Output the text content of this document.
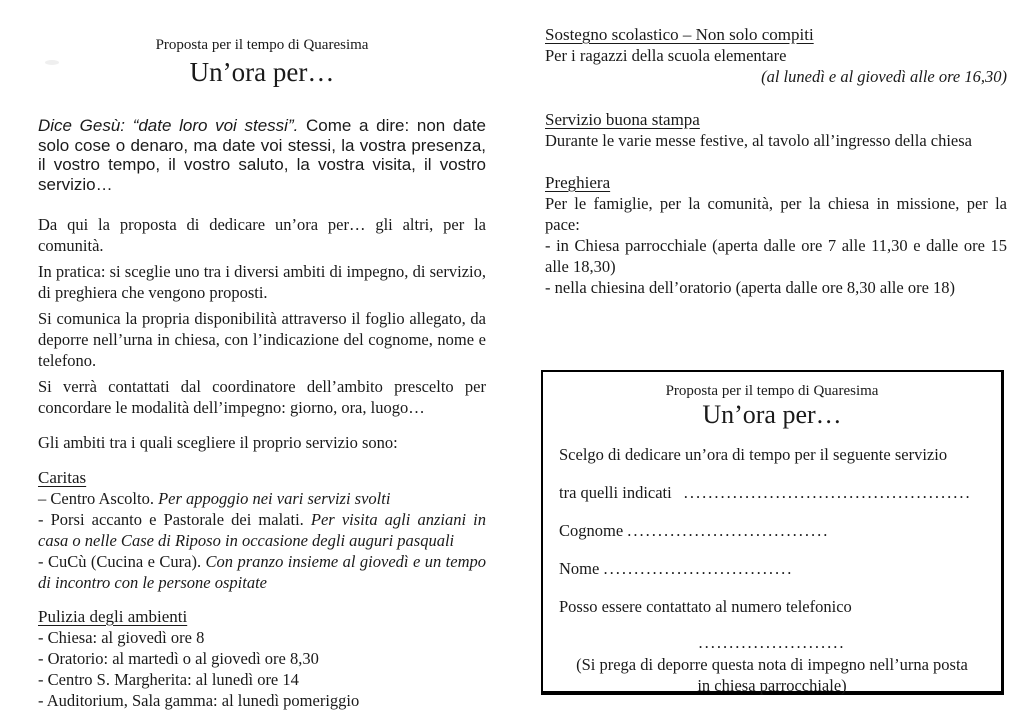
Proposta per il tempo di Quaresima
Un’ora per…

Dice Gesù: “date loro voi stessi”. Come a dire: non date solo cose o denaro, ma date voi stessi, la vostra presenza, il vostro tempo, il vostro saluto, la vostra visita, il vostro servizio…

Da qui la proposta di dedicare un’ora per… gli altri, per la comunità.

In pratica: si sceglie uno tra i diversi ambiti di impegno, di servizio, di preghiera che vengono proposti.

Si comunica la propria disponibilità attraverso il foglio allegato, da deporre nell’urna in chiesa, con l’indicazione del cognome, nome e telefono.

Si verrà contattati dal coordinatore dell’ambito prescelto per concordare le modalità dell’impegno: giorno, ora, luogo…

Gli ambiti tra i quali scegliere il proprio servizio sono:
Caritas

– Centro Ascolto. Per appoggio nei vari servizi svolti

- Porsi accanto e Pastorale dei malati. Per visita agli anziani in casa o nelle Case di Riposo in occasione degli auguri pasquali

- CuCù (Cucina e Cura). Con pranzo insieme al giovedì e un tempo di incontro con le persone ospitate

Pulizia degli ambienti

- Chiesa: al giovedì ore 8

- Oratorio: al martedì o al giovedì ore 8,30

- Centro S. Margherita: al lunedì ore 14

- Auditorium, Sala gamma: al lunedì pomeriggio

Sostegno scolastico – Non solo compiti

Per i ragazzi della scuola elementare

(al lunedì e al giovedì alle ore 16,30)

Servizio buona stampa

Durante le varie messe festive, al tavolo all’ingresso della chiesa

Preghiera

Per le famiglie, per la comunità, per la chiesa in missione, per la pace:

- in Chiesa parrocchiale (aperta dalle ore 7 alle 11,30 e dalle ore 15 alle 18,30)

- nella chiesina dell’oratorio (aperta dalle ore 8,30 alle ore 18)

Proposta per il tempo di Quaresima
Un’ora per…
Scelgo di dedicare un’ora di tempo per il seguente servizio
tra quelli indicati ...............................................
Cognome .................................
Nome ...............................
Posso essere contattato al numero telefonico
........................
(Si prega di deporre questa nota di impegno nell’urna posta in chiesa parrocchiale)
